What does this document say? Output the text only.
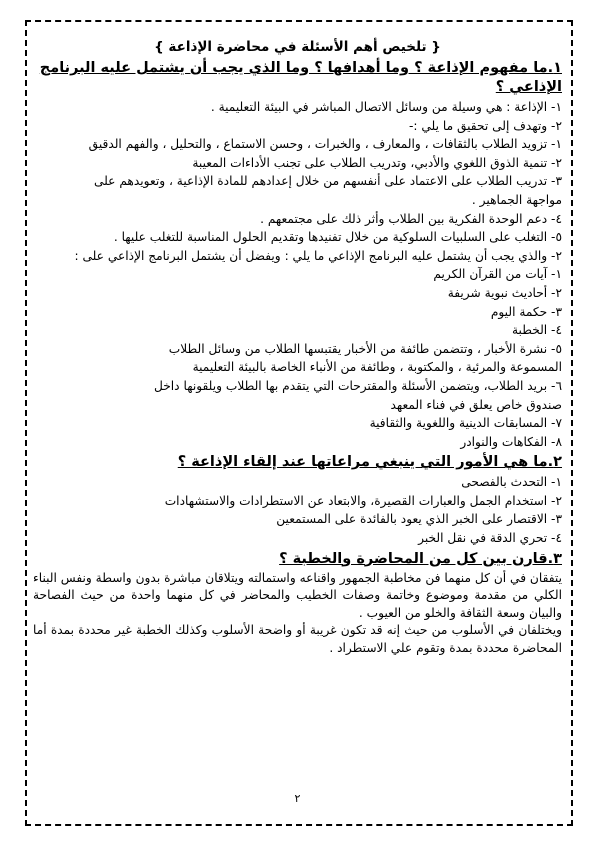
{ تلخيص أهم الأسئلة في محاضرة الإذاعة }
١.ما مفهوم الإذاعة ؟ وما أهدافها ؟ وما الذي يجب أن يشتمل عليه البرنامج
الإذاعي ؟

١- الإذاعة : هي وسيلة من وسائل الاتصال المباشر في البيئة التعليمية .

٢- وتهدف إلى تحقيق ما يلي :-

١- تزويد الطلاب بالثقافات ، والمعارف ، والخبرات ، وحسن الاستماع ، والتحليل ، والفهم الدقيق

٢- تنمية الذوق اللغوي والأدبي، وتدريب الطلاب على تجنب الأداءات المعيبة

٣- تدريب الطلاب على الاعتماد على أنفسهم من خلال إعدادهم للمادة الإذاعية ، وتعويدهم على

مواجهة الجماهير .

٤- دعم الوحدة الفكرية بين الطلاب وأثر ذلك على مجتمعهم .

٥- التغلب على السلبيات السلوكية من خلال تفنيدها وتقديم الحلول المناسبة للتغلب عليها .

٢- والذي يجب أن يشتمل عليه البرنامج الإذاعي ما يلي : ويفضل أن يشتمل البرنامج الإذاعي على :

١- آيات من القرآن الكريم

٢- أحاديث نبوية شريفة

٣- حكمة اليوم

٤- الخطبة

٥- نشرة الأخبار ، وتتضمن طائفة من الأخبار يقتبسها الطلاب من وسائل الطلاب

المسموعة والمرئية ، والمكتوبة ، وطائفة من الأنباء الخاصة بالبيئة التعليمية

٦- بريد الطلاب، ويتضمن الأسئلة والمقترحات التي يتقدم بها الطلاب ويلقونها داخل

صندوق خاص يعلق في فناء المعهد

٧- المسابقات الدينية واللغوية والثقافية

٨- الفكاهات والنوادر

٢.ما هي الأمور التي ينبغي مراعاتها عند إلقاء الإذاعة ؟

١- التحدث بالفصحى

٢- استخدام الجمل والعبارات القصيرة، والابتعاد عن الاستطرادات والاستشهادات

٣- الاقتصار على الخبر الذي يعود بالفائدة على المستمعين

٤- تحري الدقة في نقل الخبر

٣.قارن بين كل من المحاضرة والخطبة ؟

يتفقان في أن كل منهما فن مخاطبة الجمهور واقناعه واستمالته ويتلاقان مباشرة بدون واسطة ونفس البناء الكلي من مقدمة وموضوع وخاتمة وصفات الخطيب والمحاضر في كل منهما واحدة من حيث الفصاحة والبيان وسعة الثقافة والخلو من العيوب .

ويختلفان في الأسلوب من حيث إنه قد تكون غريبة أو واضحة الأسلوب وكذلك الخطبة غير محددة بمدة أما المحاضرة محددة بمدة وتقوم علي الاستطراد .

٢
